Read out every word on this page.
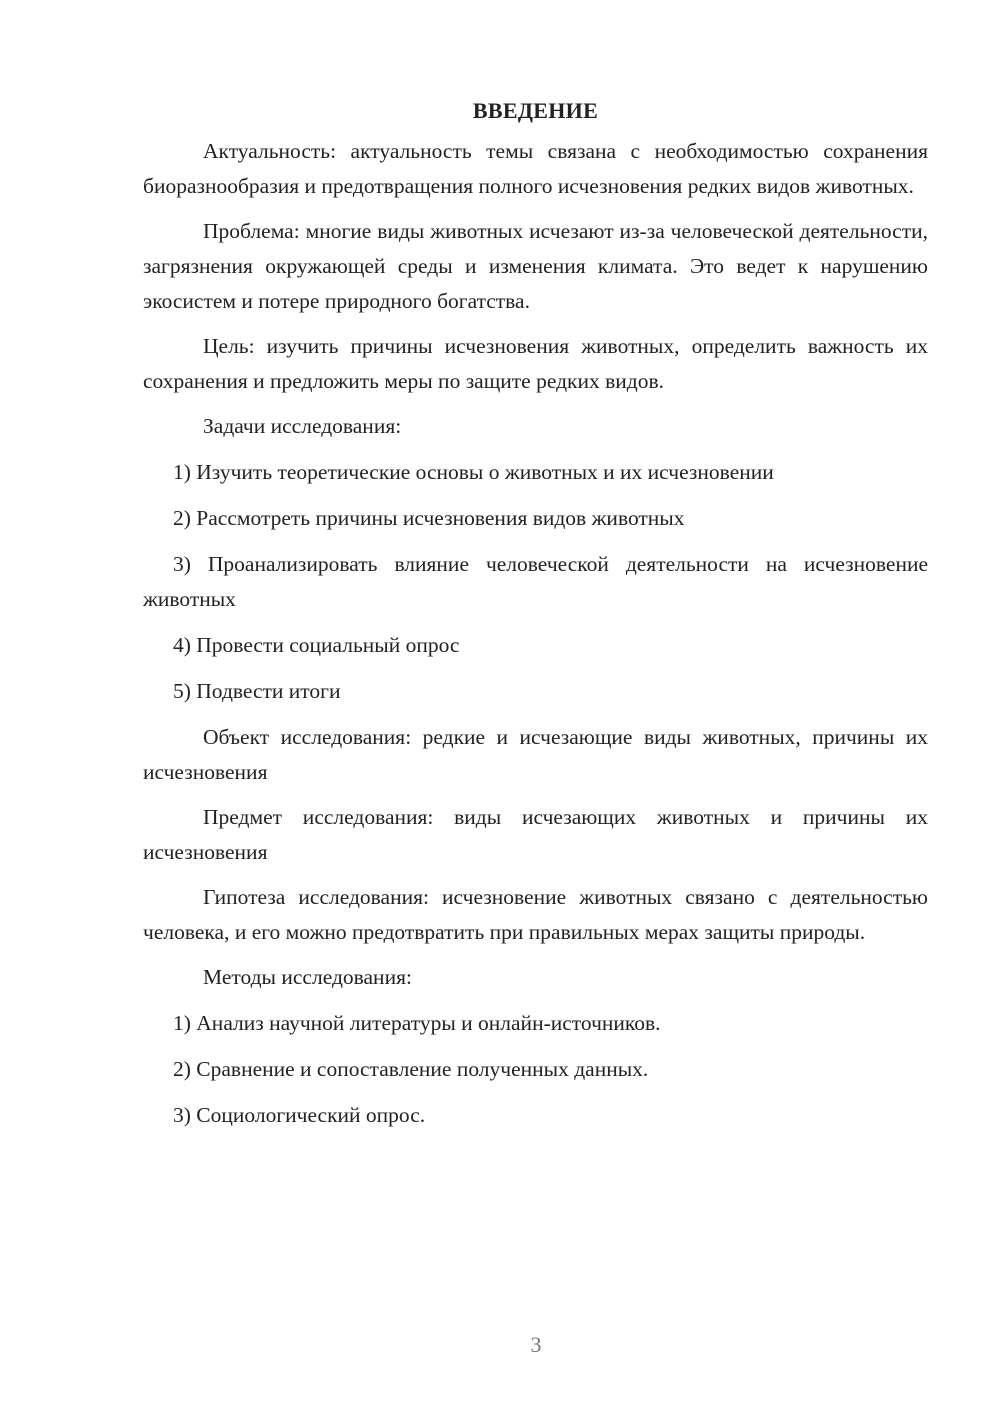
ВВЕДЕНИЕ

Актуальность: актуальность темы связана с необходимостью сохранения биоразнообразия и предотвращения полного исчезновения редких видов животных.

Проблема: многие виды животных исчезают из-за человеческой деятельности, загрязнения окружающей среды и изменения климата. Это ведет к нарушению экосистем и потере природного богатства.

Цель: изучить причины исчезновения животных, определить важность их сохранения и предложить меры по защите редких видов.

Задачи исследования:

1) Изучить теоретические основы о животных и их исчезновении

2) Рассмотреть причины исчезновения видов животных

3) Проанализировать влияние человеческой деятельности на исчезновение животных

4) Провести социальный опрос

5) Подвести итоги

Объект исследования: редкие и исчезающие виды животных, причины их исчезновения

Предмет исследования: виды исчезающих животных и причины их исчезновения

Гипотеза исследования: исчезновение животных связано с деятельностью человека, и его можно предотвратить при правильных мерах защиты природы.

Методы исследования:

1) Анализ научной литературы и онлайн-источников.

2) Сравнение и сопоставление полученных данных.

3) Социологический опрос.

3
